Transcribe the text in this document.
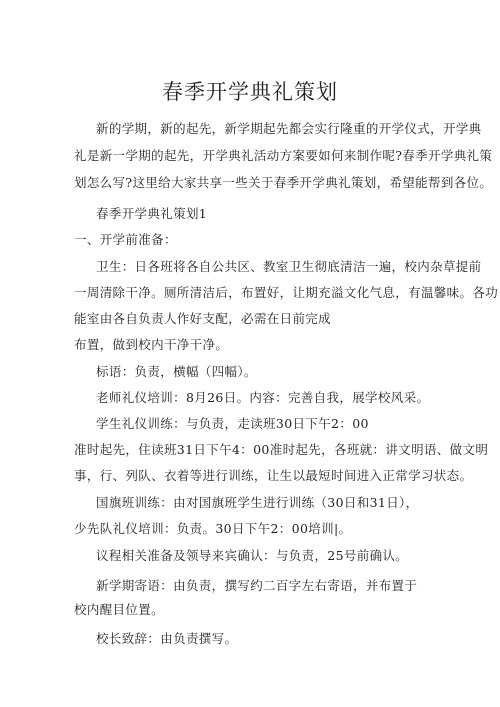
春季开学典礼策划
新的学期，新的起先，新学期起先都会实行隆重的开学仪式，开学典
礼是新一学期的起先，开学典礼活动方案要如何来制作呢?春季开学典礼策
划怎么写?这里给大家共享一些关于春季开学典礼策划，希望能帮到各位。
春季开学典礼策划1
一、开学前准备：
卫生：日各班将各自公共区、教室卫生彻底清洁一遍，校内杂草提前
一周清除干净。厕所清洁后，布置好，让期充溢文化气息，有温馨味。各功
能室由各自负责人作好支配，必需在日前完成
布置，做到校内干净干净。
标语：负责，横幅（四幅）。
老师礼仪培训：8月26日。内容：完善自我，展学校风采。
学生礼仪训练：与负责，走读班30日下午2：00
准时起先，住读班31日下午4：00准时起先，各班就：讲文明语、做文明
事，行、列队、衣着等进行训练，让生以最短时间进入正常学习状态。
国旗班训练：由对国旗班学生进行训练（30日和31日），
少先队礼仪培训：负责。30日下午2：00培训|。
议程相关准备及领导来宾确认：与负责，25号前确认。
新学期寄语：由负责，撰写约二百字左右寄语，并布置于
校内醒目位置。
校长致辞：由负责撰写。
